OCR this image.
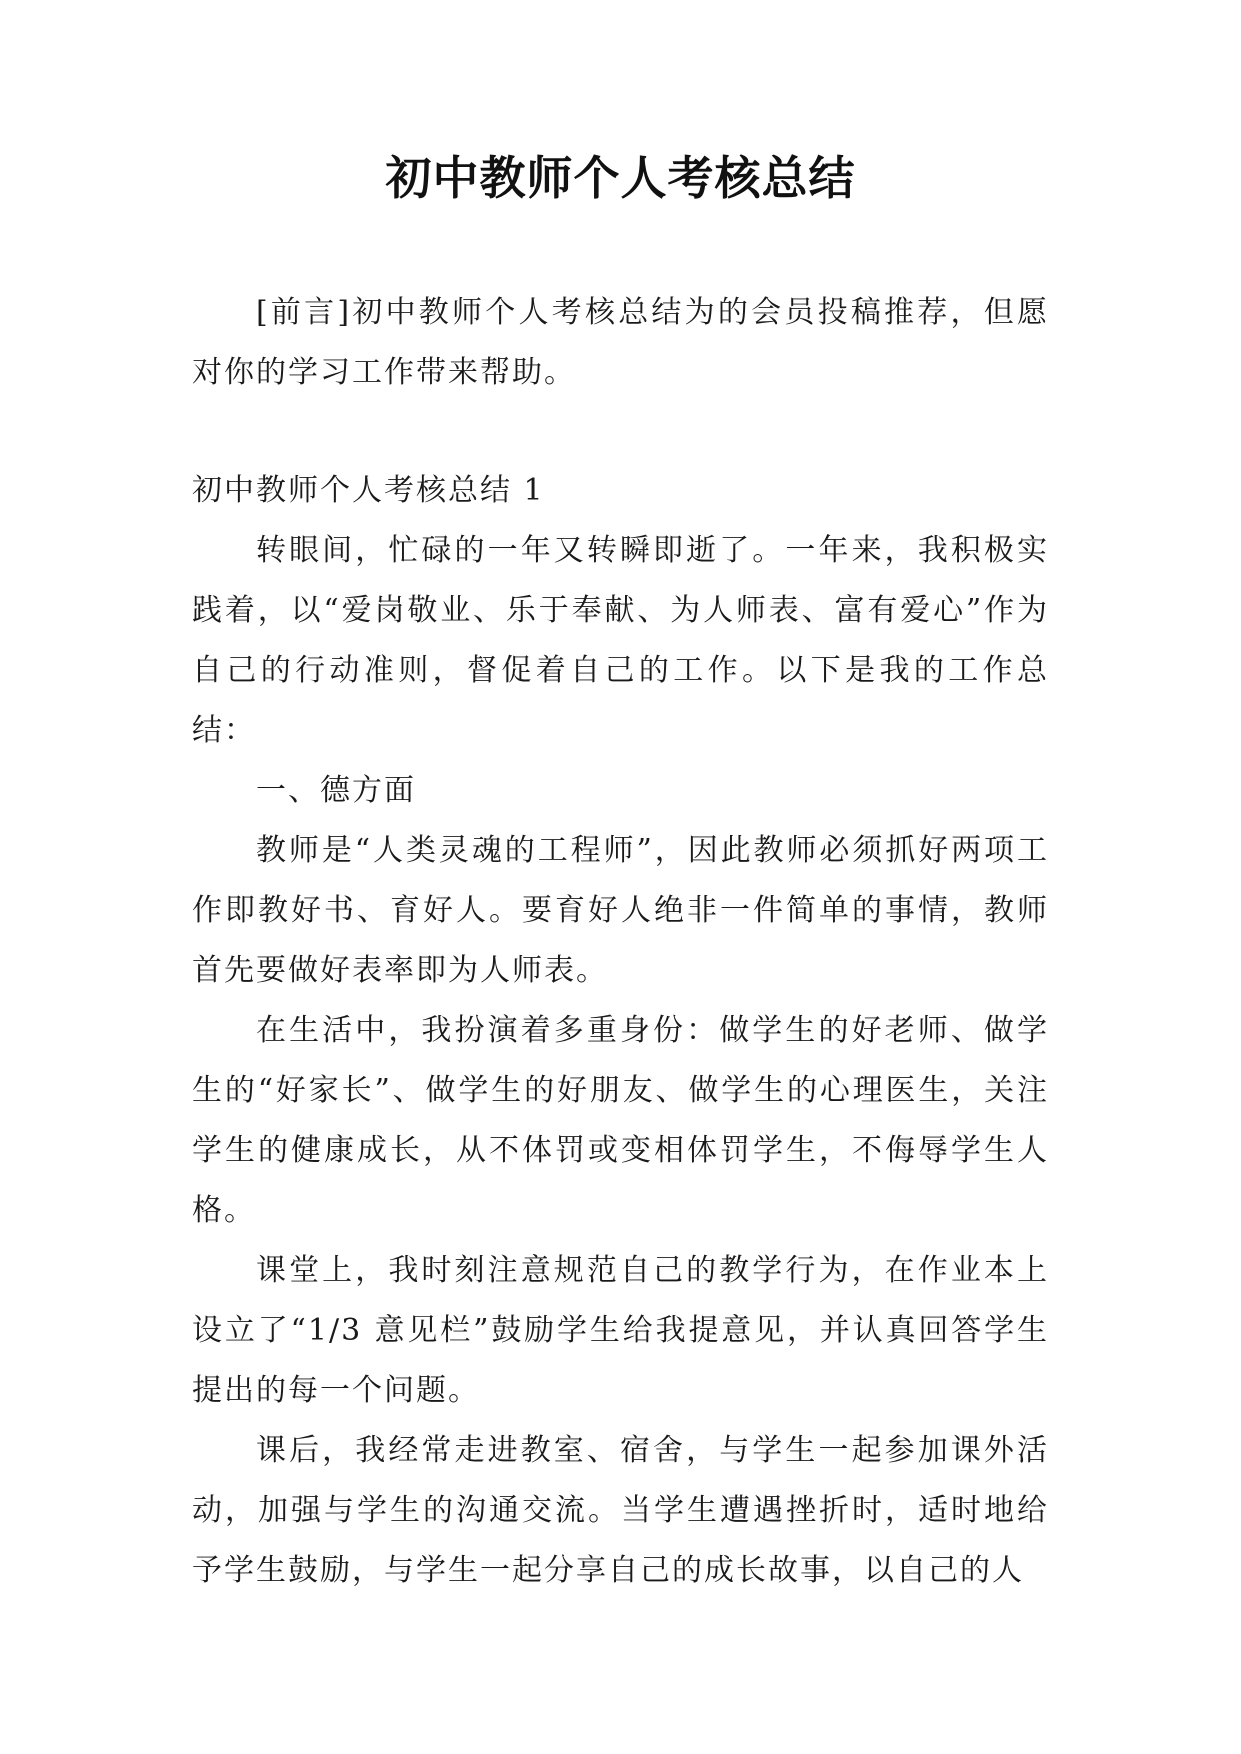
初中教师个人考核总结

[前言]初中教师个人考核总结为的会员投稿推荐，但愿对你的学习工作带来帮助。

初中教师个人考核总结 1

转眼间，忙碌的一年又转瞬即逝了。一年来，我积极实践着，以“爱岗敬业、乐于奉献、为人师表、富有爱心”作为自己的行动准则，督促着自己的工作。以下是我的工作总结：

一、德方面

教师是“人类灵魂的工程师”，因此教师必须抓好两项工作即教好书、育好人。要育好人绝非一件简单的事情，教师首先要做好表率即为人师表。

在生活中，我扮演着多重身份：做学生的好老师、做学生的“好家长”、做学生的好朋友、做学生的心理医生，关注学生的健康成长，从不体罚或变相体罚学生，不侮辱学生人格。

课堂上，我时刻注意规范自己的教学行为，在作业本上设立了“1/3 意见栏”鼓励学生给我提意见，并认真回答学生提出的每一个问题。

课后，我经常走进教室、宿舍，与学生一起参加课外活动，加强与学生的沟通交流。当学生遭遇挫折时，适时地给予学生鼓励，与学生一起分享自己的成长故事，以自己的人
